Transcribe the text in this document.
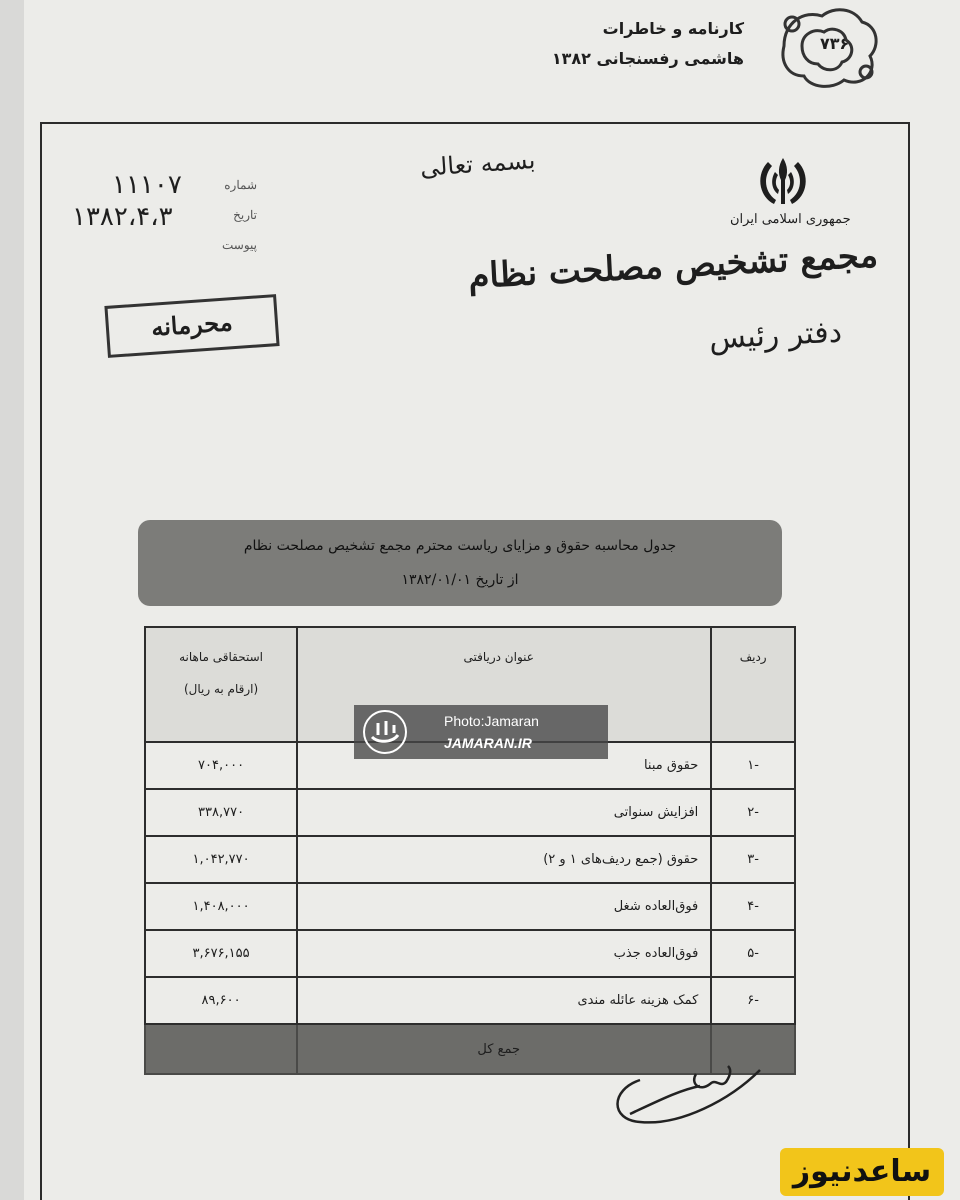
کارنامه و خاطرات
هاشمی رفسنجانی ۱۳۸۲
۷۳۶
بسمه تعالی
جمهوری اسلامی ایران
مجمع تشخیص مصلحت نظام
دفتر رئیس
۱۱۱۰۷
۱۳۸۲،۴،۳
شماره
تاریخ
پیوست
محرمانه
جدول محاسبه حقوق و مزایای ریاست محترم مجمع تشخیص مصلحت نظام
از تاریخ ۱۳۸۲/۰۱/۰۱
ردیف	عنوان دریافتی	استحقاقی ماهانه
(ارقام به ریال)

-۱	حقوق مبنا	۷۰۴,۰۰۰
-۲	افزایش سنواتی	۳۳۸,۷۷۰
-۳	حقوق (جمع ردیف‌های ۱ و ۲)	۱,۰۴۲,۷۷۰
-۴	فوق‌العاده شغل	۱,۴۰۸,۰۰۰
-۵	فوق‌العاده جذب	۳,۶۷۶,۱۵۵
-۶	کمک هزینه عائله مندی	۸۹,۶۰۰
	جمع کل	
Photo:Jamaran
JAMARAN.IR
ساعدنیوز
